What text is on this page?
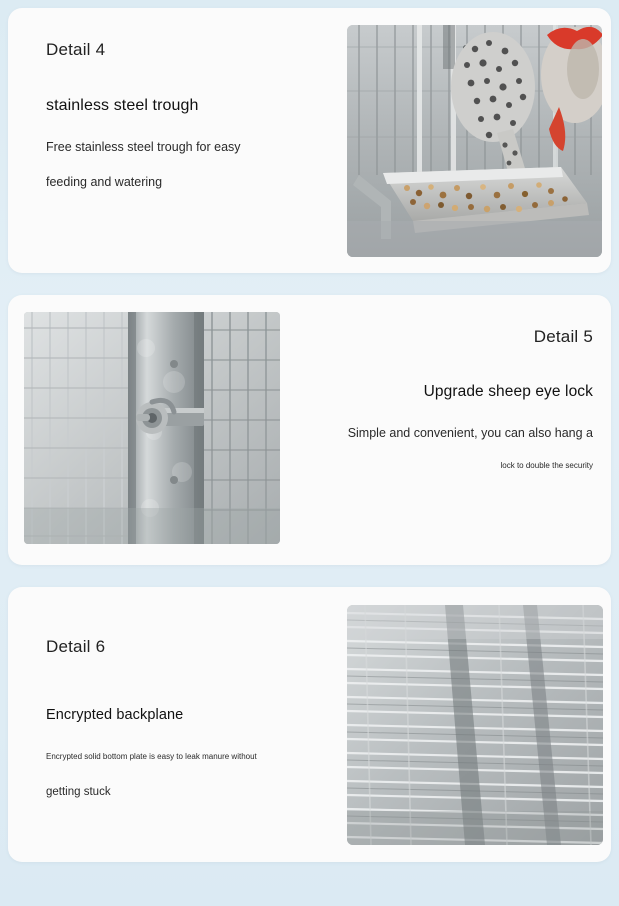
Detail 4
stainless steel trough
Free stainless steel trough for easy
feeding and watering
Detail 5
Upgrade sheep eye lock
Simple and convenient, you can also hang a
lock to double the security
Detail 6
Encrypted backplane
Encrypted solid bottom plate is easy to leak manure without
getting stuck
